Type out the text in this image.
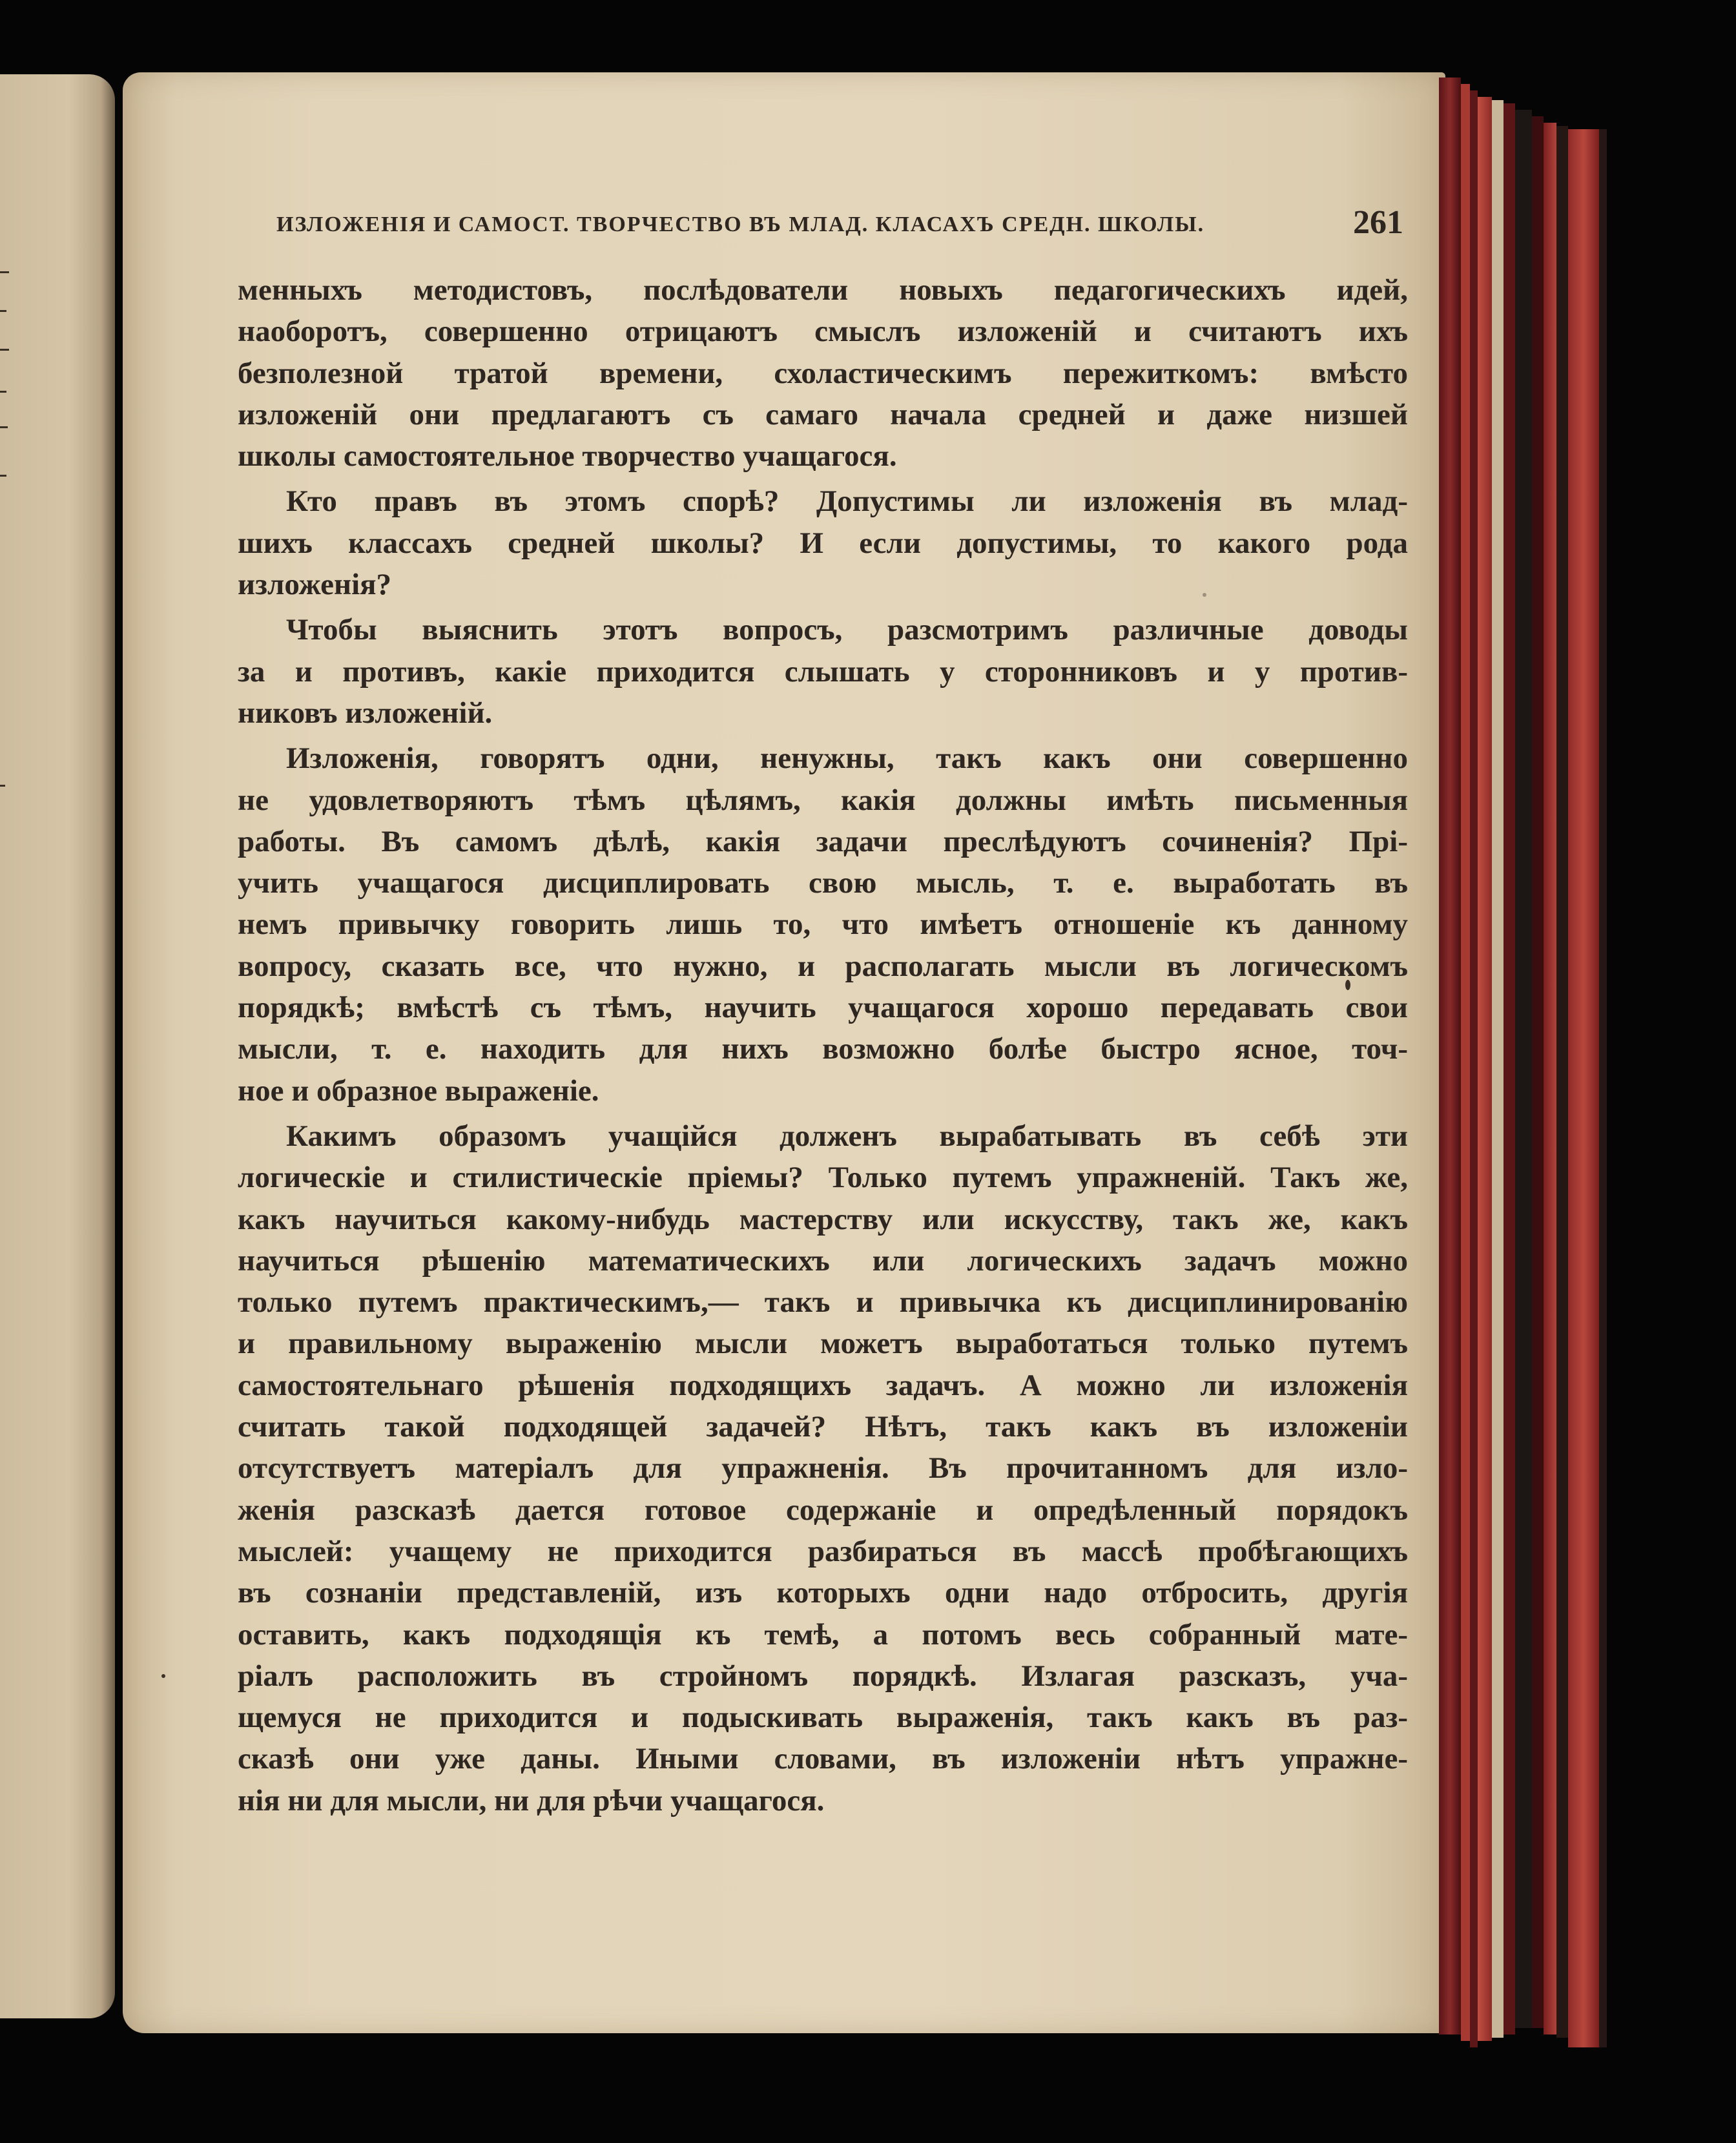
ИЗЛОЖЕНІЯ И САМОСТ. ТВОРЧЕСТВО ВЪ МЛАД. КЛАСАХЪ СРЕДН. ШКОЛЫ.	261
менныхъ методистовъ, послѣдователи новыхъ педагогическихъ идей,
наоборотъ, совершенно отрицаютъ смыслъ изложеній и считаютъ ихъ
безполезной тратой времени, схоластическимъ пережиткомъ: вмѣсто
изложеній они предлагаютъ съ самаго начала средней и даже низшей
школы самостоятельное творчество учащагося.
Кто правъ въ этомъ спорѣ? Допустимы ли изложенія въ млад-
шихъ классахъ средней школы? И если допустимы, то какого рода
изложенія?
Чтобы выяснить этотъ вопросъ, разсмотримъ различные доводы
за и противъ, какіе приходится слышать у сторонниковъ и у против-
никовъ изложеній.
Изложенія, говорятъ одни, ненужны, такъ какъ они совершенно
не удовлетворяютъ тѣмъ цѣлямъ, какія должны имѣть письменныя
работы. Въ самомъ дѣлѣ, какія задачи преслѣдуютъ сочиненія? Прі-
учить учащагося дисциплировать свою мысль, т. е. выработать въ
немъ привычку говорить лишь то, что имѣетъ отношеніе къ данному
вопросу, сказать все, что нужно, и располагать мысли въ логическомъ
порядкѣ; вмѣстѣ съ тѣмъ, научить учащагося хорошо передавать свои
мысли, т. е. находить для нихъ возможно болѣе быстро ясное, точ-
ное и образное выраженіе.
Какимъ образомъ учащійся долженъ вырабатывать въ себѣ эти
логическіе и стилистическіе пріемы? Только путемъ упражненій. Такъ же,
какъ научиться какому-нибудь мастерству или искусству, такъ же, какъ
научиться рѣшенію математическихъ или логическихъ задачъ можно
только путемъ практическимъ,— такъ и привычка къ дисциплинированію
и правильному выраженію мысли можетъ выработаться только путемъ
самостоятельнаго рѣшенія подходящихъ задачъ. А можно ли изложенія
считать такой подходящей задачей? Нѣтъ, такъ какъ въ изложеніи
отсутствуетъ матеріалъ для упражненія. Въ прочитанномъ для изло-
женія разсказѣ дается готовое содержаніе и опредѣленный порядокъ
мыслей: учащему не приходится разбираться въ массѣ пробѣгающихъ
въ сознаніи представленій, изъ которыхъ одни надо отбросить, другія
оставить, какъ подходящія къ темѣ, а потомъ весь собранный мате-
ріалъ расположить въ стройномъ порядкѣ. Излагая разсказъ, уча-
щемуся не приходится и подыскивать выраженія, такъ какъ въ раз-
сказѣ они уже даны. Иными словами, въ изложеніи нѣтъ упражне-
нія ни для мысли, ни для рѣчи учащагося.
